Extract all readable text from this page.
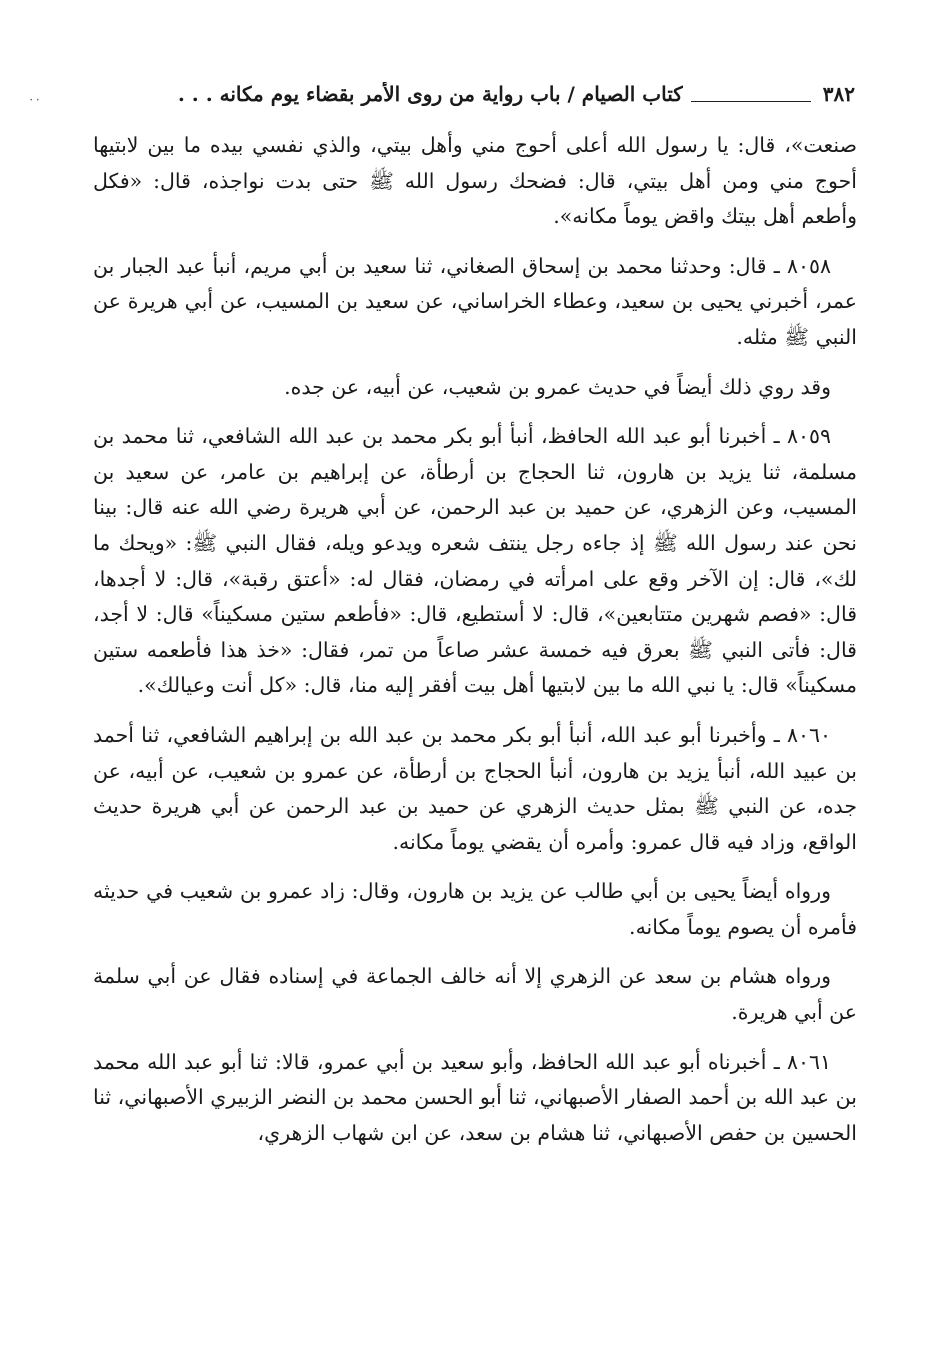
٣٨٢
كتاب الصيام / باب رواية من روى الأمر بقضاء يوم مكانه . . .
٠٠

صنعت»، قال: يا رسول الله أعلى أحوج مني وأهل بيتي، والذي نفسي بيده ما بين لابتيها أحوج مني ومن أهل بيتي، قال: فضحك رسول الله ﷺ حتى بدت نواجذه، قال: «فكل وأطعم أهل بيتك واقض يوماً مكانه».

٨٠٥٨ ـ قال: وحدثنا محمد بن إسحاق الصغاني، ثنا سعيد بن أبي مريم، أنبأ عبد الجبار بن عمر، أخبرني يحيى بن سعيد، وعطاء الخراساني، عن سعيد بن المسيب، عن أبي هريرة عن النبي ﷺ مثله.

وقد روي ذلك أيضاً في حديث عمرو بن شعيب، عن أبيه، عن جده.

٨٠٥٩ ـ أخبرنا أبو عبد الله الحافظ، أنبأ أبو بكر محمد بن عبد الله الشافعي، ثنا محمد بن مسلمة، ثنا يزيد بن هارون، ثنا الحجاج بن أرطأة، عن إبراهيم بن عامر، عن سعيد بن المسيب، وعن الزهري، عن حميد بن عبد الرحمن، عن أبي هريرة رضي الله عنه قال: بينا نحن عند رسول الله ﷺ إذ جاءه رجل ينتف شعره ويدعو ويله، فقال النبي ﷺ: «ويحك ما لك»، قال: إن الآخر وقع على امرأته في رمضان، فقال له: «أعتق رقبة»، قال: لا أجدها، قال: «فصم شهرين متتابعين»، قال: لا أستطيع، قال: «فأطعم ستين مسكيناً» قال: لا أجد، قال: فأتى النبي ﷺ بعرق فيه خمسة عشر صاعاً من تمر، فقال: «خذ هذا فأطعمه ستين مسكيناً» قال: يا نبي الله ما بين لابتيها أهل بيت أفقر إليه منا، قال: «كل أنت وعيالك».

٨٠٦٠ ـ وأخبرنا أبو عبد الله، أنبأ أبو بكر محمد بن عبد الله بن إبراهيم الشافعي، ثنا أحمد بن عبيد الله، أنبأ يزيد بن هارون، أنبأ الحجاج بن أرطأة، عن عمرو بن شعيب، عن أبيه، عن جده، عن النبي ﷺ بمثل حديث الزهري عن حميد بن عبد الرحمن عن أبي هريرة حديث الواقع، وزاد فيه قال عمرو: وأمره أن يقضي يوماً مكانه.

ورواه أيضاً يحيى بن أبي طالب عن يزيد بن هارون، وقال: زاد عمرو بن شعيب في حديثه فأمره أن يصوم يوماً مكانه.

ورواه هشام بن سعد عن الزهري إلا أنه خالف الجماعة في إسناده فقال عن أبي سلمة عن أبي هريرة.

٨٠٦١ ـ أخبرناه أبو عبد الله الحافظ، وأبو سعيد بن أبي عمرو، قالا: ثنا أبو عبد الله محمد بن عبد الله بن أحمد الصفار الأصبهاني، ثنا أبو الحسن محمد بن النضر الزبيري الأصبهاني، ثنا الحسين بن حفص الأصبهاني، ثنا هشام بن سعد، عن ابن شهاب الزهري،
